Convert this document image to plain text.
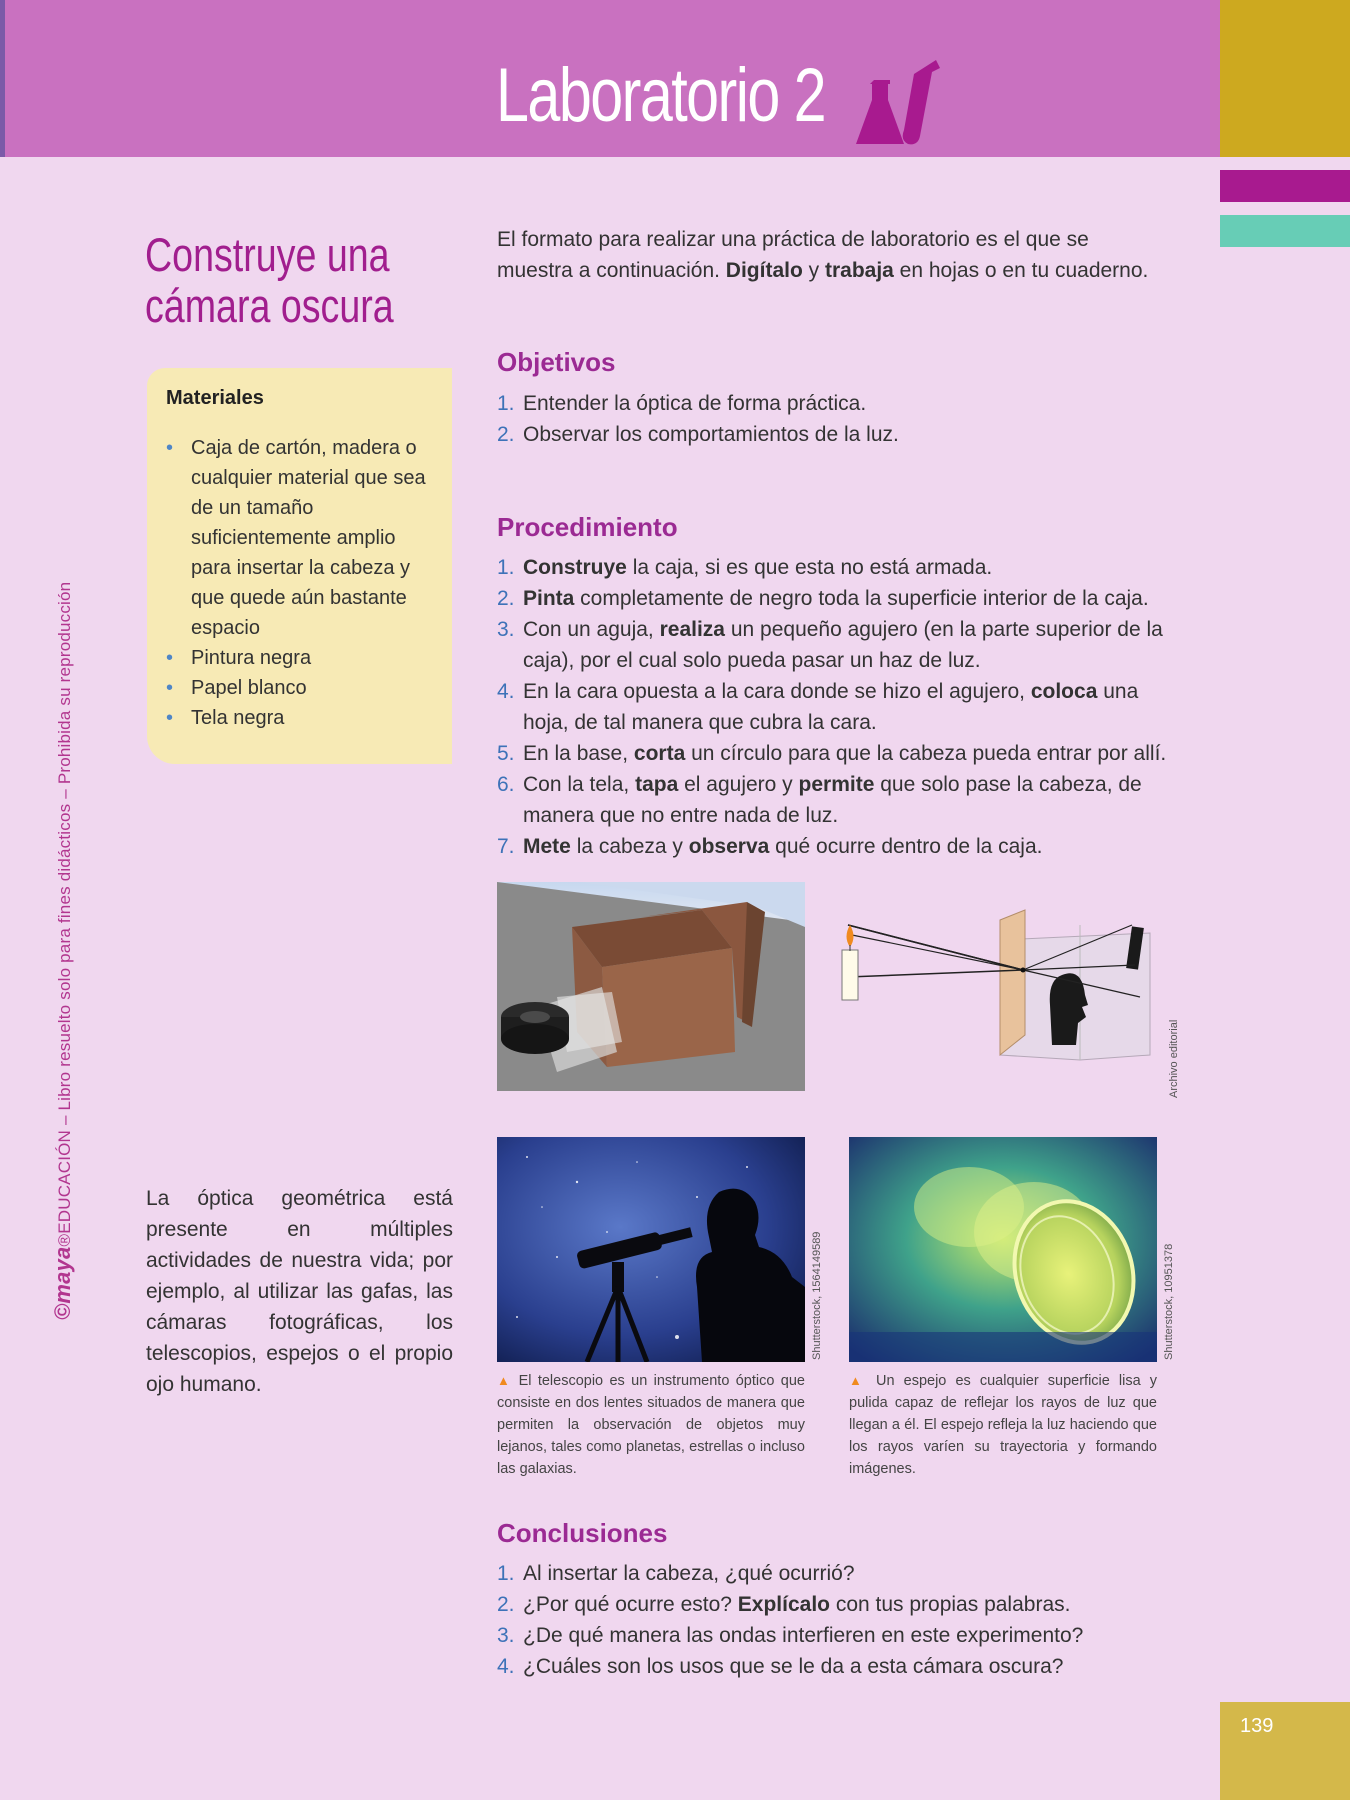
Laboratorio 2
©maya®EDUCACIÓN – Libro resuelto solo para fines didácticos – Prohibida su reproducción
Construye una
cámara oscura
Materiales
• Caja de cartón, madera o cualquier material que sea de un tamaño suficientemente amplio para insertar la cabeza y que quede aún bastante espacio
• Pintura negra
• Papel blanco
• Tela negra
El formato para realizar una práctica de laboratorio es el que se muestra a continuación. Digítalo y trabaja en hojas o en tu cuaderno.
Objetivos
1. Entender la óptica de forma práctica.
2. Observar los comportamientos de la luz.
Procedimiento
1. Construye la caja, si es que esta no está armada.
2. Pinta completamente de negro toda la superficie interior de la caja.
3. Con un aguja, realiza un pequeño agujero (en la parte superior de la caja), por el cual solo pueda pasar un haz de luz.
4. En la cara opuesta a la cara donde se hizo el agujero, coloca una hoja, de tal manera que cubra la cara.
5. En la base, corta un círculo para que la cabeza pueda entrar por allí.
6. Con la tela, tapa el agujero y permite que solo pase la cabeza, de manera que no entre nada de luz.
7. Mete la cabeza y observa qué ocurre dentro de la caja.
Archivo editorial
La óptica geométrica está presente en múltiples actividades de nuestra vida; por ejemplo, al utilizar las gafas, las cámaras fotográficas, los telescopios, espejos o el propio ojo humano.
Shutterstock, 1564149589	Shutterstock, 10951378
▲ El telescopio es un instrumento óptico que consiste en dos lentes situados de manera que permiten la observación de objetos muy lejanos, tales como planetas, estrellas o incluso las galaxias.
▲ Un espejo es cualquier superficie lisa y pulida capaz de reflejar los rayos de luz que llegan a él. El espejo refleja la luz haciendo que los rayos varíen su trayectoria y formando imágenes.
Conclusiones
1. Al insertar la cabeza, ¿qué ocurrió?
2. ¿Por qué ocurre esto? Explícalo con tus propias palabras.
3. ¿De qué manera las ondas interfieren en este experimento?
4. ¿Cuáles son los usos que se le da a esta cámara oscura?
139
